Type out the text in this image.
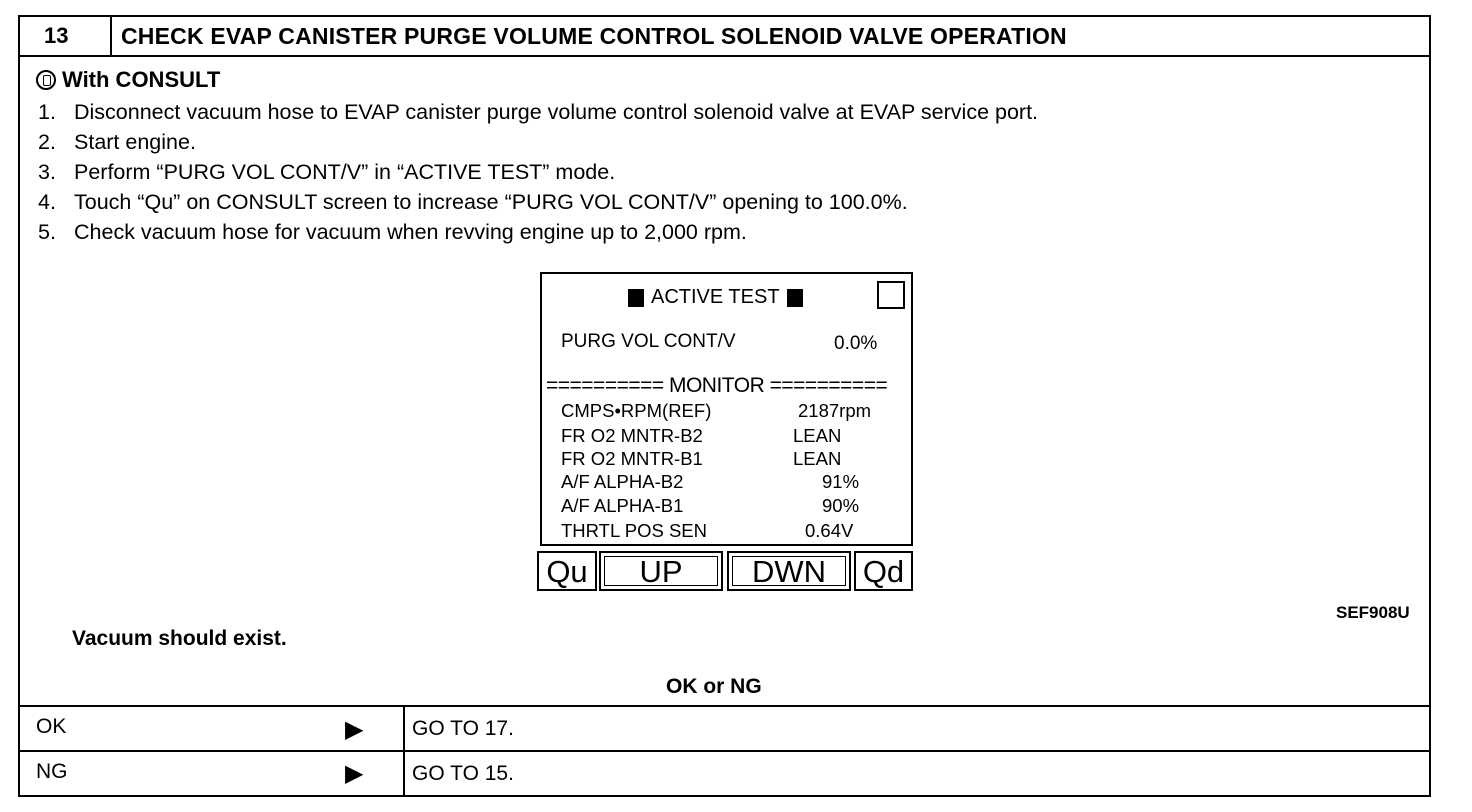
13 CHECK EVAP CANISTER PURGE VOLUME CONTROL SOLENOID VALVE OPERATION
With CONSULT
1. Disconnect vacuum hose to EVAP canister purge volume control solenoid valve at EVAP service port.
2. Start engine.
3. Perform “PURG VOL CONT/V” in “ACTIVE TEST” mode.
4. Touch “Qu” on CONSULT screen to increase “PURG VOL CONT/V” opening to 100.0%.
5. Check vacuum hose for vacuum when revving engine up to 2,000 rpm.
ACTIVE TEST
PURG VOL CONT/V	0.0%
========== MONITOR ==========
CMPS•RPM(REF)	2187rpm
FR O2 MNTR-B2	LEAN
FR O2 MNTR-B1	LEAN
A/F ALPHA-B2	91%
A/F ALPHA-B1	90%
THRTL POS SEN	0.64V
Qu UP DWN Qd
SEF908U
Vacuum should exist.
OK or NG
OK	▶ GO TO 17.
NG	▶ GO TO 15.
